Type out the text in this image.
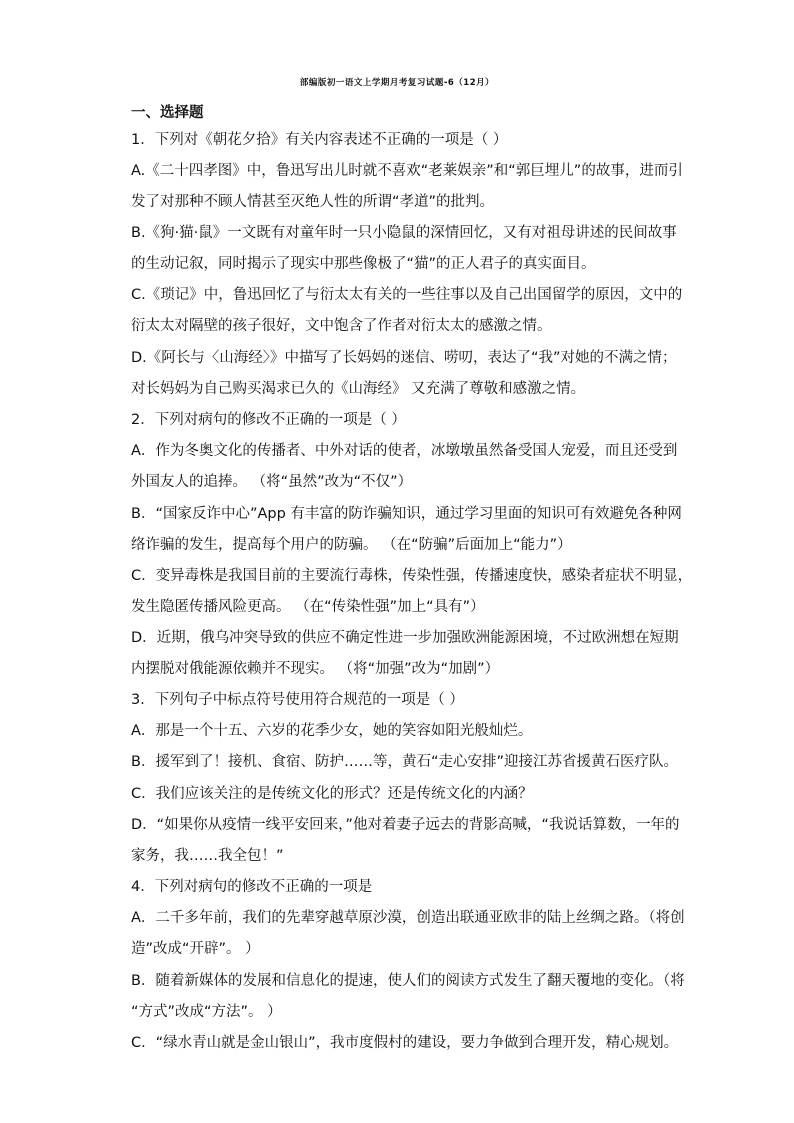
部编版初一语文上学期月考复习试题-6（12月）
一、选择题
1．下列对《朝花夕拾》有关内容表述不正确的一项是（ ）
A.《二十四孝图》中，鲁迅写出儿时就不喜欢“老莱娱亲”和“郭巨埋儿”的故事，进而引
发了对那种不顾人情甚至灭绝人性的所谓“孝道”的批判。
B.《狗·猫·鼠》一文既有对童年时一只小隐鼠的深情回忆，又有对祖母讲述的民间故事
的生动记叙，同时揭示了现实中那些像极了“猫”的正人君子的真实面目。
C.《琐记》中，鲁迅回忆了与衍太太有关的一些往事以及自己出国留学的原因，文中的
衍太太对隔壁的孩子很好，文中饱含了作者对衍太太的感激之情。
D.《阿长与〈山海经〉》中描写了长妈妈的迷信、唠叨，表达了“我”对她的不满之情；
对长妈妈为自己购买渴求已久的《山海经》 又充满了尊敬和感激之情。
2．下列对病句的修改不正确的一项是（ ）
A．作为冬奥文化的传播者、中外对话的使者，冰墩墩虽然备受国人宠爱，而且还受到
外国友人的追捧。 （将“虽然”改为“不仅”）
B．“国家反诈中心”App 有丰富的防诈骗知识，通过学习里面的知识可有效避免各种网
络诈骗的发生，提高每个用户的防骗。 （在“防骗”后面加上“能力”）
C．变异毒株是我国目前的主要流行毒株，传染性强，传播速度快，感染者症状不明显，
发生隐匿传播风险更高。 （在“传染性强”加上“具有”）
D．近期，俄乌冲突导致的供应不确定性进一步加强欧洲能源困境，不过欧洲想在短期
内摆脱对俄能源依赖并不现实。 （将“加强”改为“加剧”）
3．下列句子中标点符号使用符合规范的一项是（ ）
A．那是一个十五、六岁的花季少女，她的笑容如阳光般灿烂。
B．援军到了！接机、食宿、防护……等，黄石“走心安排”迎接江苏省援黄石医疗队。
C．我们应该关注的是传统文化的形式？还是传统文化的内涵？
D．“如果你从疫情一线平安回来，”他对着妻子远去的背影高喊，“我说话算数，一年的
家务，我……我全包！”
4．下列对病句的修改不正确的一项是
A．二千多年前，我们的先辈穿越草原沙漠，创造出联通亚欧非的陆上丝绸之路。（将创
造”改成“开辟”。 ）
B．随着新媒体的发展和信息化的提速，使人们的阅读方式发生了翻天覆地的变化。（将
“方式”改成“方法”。 ）
C．“绿水青山就是金山银山”，我市度假村的建设，要力争做到合理开发，精心规划。
